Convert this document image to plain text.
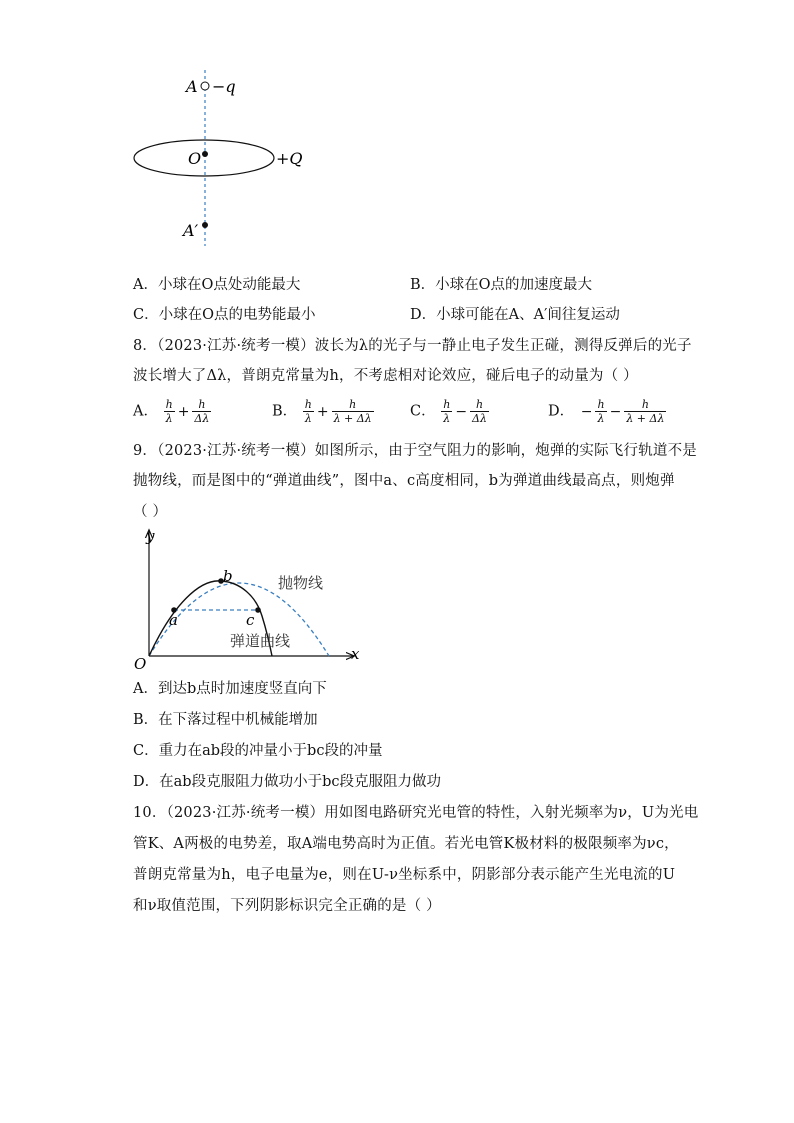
A −q
O	+Q
A′
A．小球在O点处动能最大	B．小球在O点的加速度最大
C．小球在O点的电势能最小	D．小球可能在A、A′间往复运动
8．（2023·江苏·统考一模）波长为λ的光子与一静止电子发生正碰，测得反弹后的光子
波长增大了Δλ，普朗克常量为h，不考虑相对论效应，碰后电子的动量为（ ）
A． $\frac{h}{\lambda} + \frac{h}{\Delta\lambda}$	B． $\frac{h}{\lambda} + \frac{h}{\lambda + \Delta\lambda}$	C． $\frac{h}{\lambda} - \frac{h}{\Delta\lambda}$	D． − $\frac{h}{\lambda} - \frac{h}{\lambda + \Delta\lambda}$
9．（2023·江苏·统考一模）如图所示，由于空气阻力的影响，炮弹的实际飞行轨道不是
抛物线，而是图中的“弹道曲线”，图中a、c高度相同，b为弹道曲线最高点，则炮弹
（ ）
y
x
O
a
b
c
抛物线
弹道曲线
A．到达b点时加速度竖直向下
B．在下落过程中机械能增加
C．重力在ab段的冲量小于bc段的冲量
D．在ab段克服阻力做功小于bc段克服阻力做功
10．（2023·江苏·统考一模）用如图电路研究光电管的特性，入射光频率为ν，U为光电
管K、A两极的电势差，取A端电势高时为正值。若光电管K极材料的极限频率为νc，
普朗克常量为h，电子电量为e，则在U-ν坐标系中，阴影部分表示能产生光电流的U
和ν取值范围，下列阴影标识完全正确的是（ ）
